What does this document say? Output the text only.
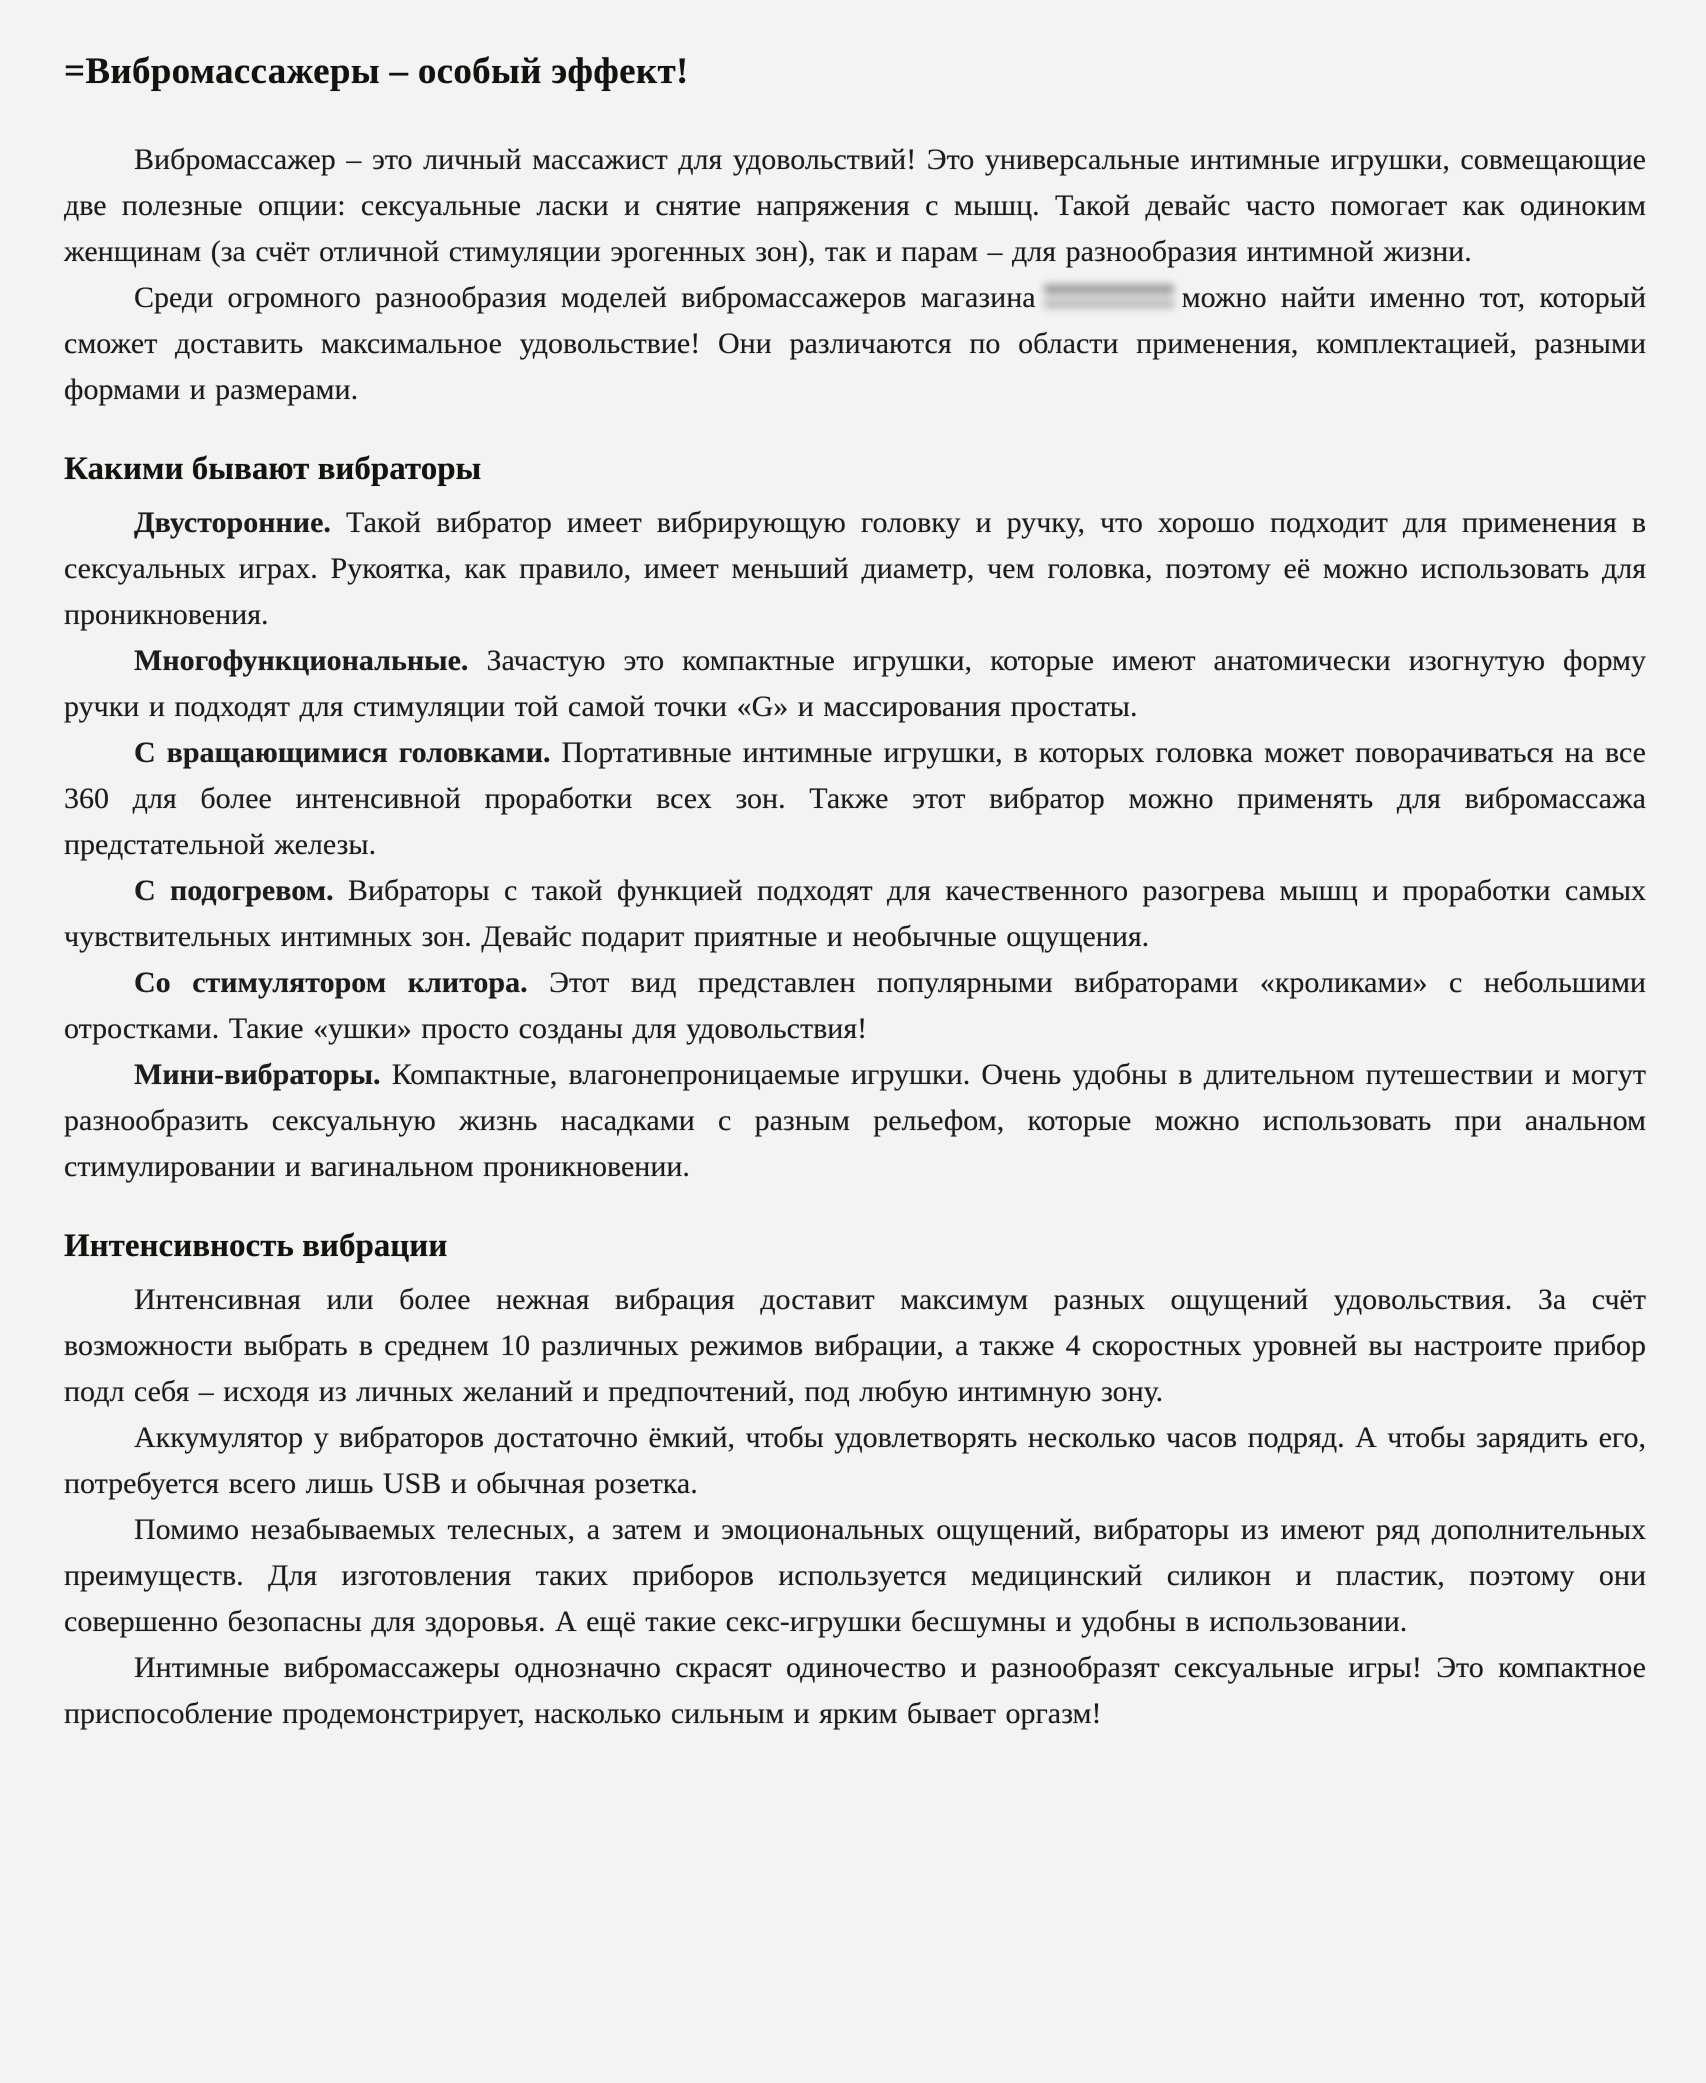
=Вибромассажеры – особый эффект!

Вибромассажер – это личный массажист для удовольствий! Это универсальные интимные игрушки, совмещающие две полезные опции: сексуальные ласки и снятие напряжения с мышц. Такой девайс часто помогает как одиноким женщинам (за счёт отличной стимуляции эрогенных зон), так и парам – для разнообразия интимной жизни.

Среди огромного разнообразия моделей вибромассажеров магазина	можно найти именно тот, который сможет доставить максимальное удовольствие! Они различаются по области применения, комплектацией, разными формами и размерами.

Какими бывают вибраторы

Двусторонние. Такой вибратор имеет вибрирующую головку и ручку, что хорошо подходит для применения в сексуальных играх. Рукоятка, как правило, имеет меньший диаметр, чем головка, поэтому её можно использовать для проникновения.

Многофункциональные. Зачастую это компактные игрушки, которые имеют анатомически изогнутую форму ручки и подходят для стимуляции той самой точки «G» и массирования простаты.

С вращающимися головками. Портативные интимные игрушки, в которых головка может поворачиваться на все 360 для более интенсивной проработки всех зон. Также этот вибратор можно применять для вибромассажа предстательной железы.

С подогревом. Вибраторы с такой функцией подходят для качественного разогрева мышц и проработки самых чувствительных интимных зон. Девайс подарит приятные и необычные ощущения.

Со стимулятором клитора. Этот вид представлен популярными вибраторами «кроликами» с небольшими отростками. Такие «ушки» просто созданы для удовольствия!

Мини-вибраторы. Компактные, влагонепроницаемые игрушки. Очень удобны в длительном путешествии и могут разнообразить сексуальную жизнь насадками с разным рельефом, которые можно использовать при анальном стимулировании и вагинальном проникновении.

Интенсивность вибрации

Интенсивная или более нежная вибрация доставит максимум разных ощущений удовольствия. За счёт возможности выбрать в среднем 10 различных режимов вибрации, а также 4 скоростных уровней вы настроите прибор подл себя – исходя из личных желаний и предпочтений, под любую интимную зону.

Аккумулятор у вибраторов достаточно ёмкий, чтобы удовлетворять несколько часов подряд. А чтобы зарядить его, потребуется всего лишь USB и обычная розетка.

Помимо незабываемых телесных, а затем и эмоциональных ощущений, вибраторы из имеют ряд дополнительных преимуществ. Для изготовления таких приборов используется медицинский силикон и пластик, поэтому они совершенно безопасны для здоровья. А ещё такие секс-игрушки бесшумны и удобны в использовании.

Интимные вибромассажеры однозначно скрасят одиночество и разнообразят сексуальные игры! Это компактное приспособление продемонстрирует, насколько сильным и ярким бывает оргазм!
